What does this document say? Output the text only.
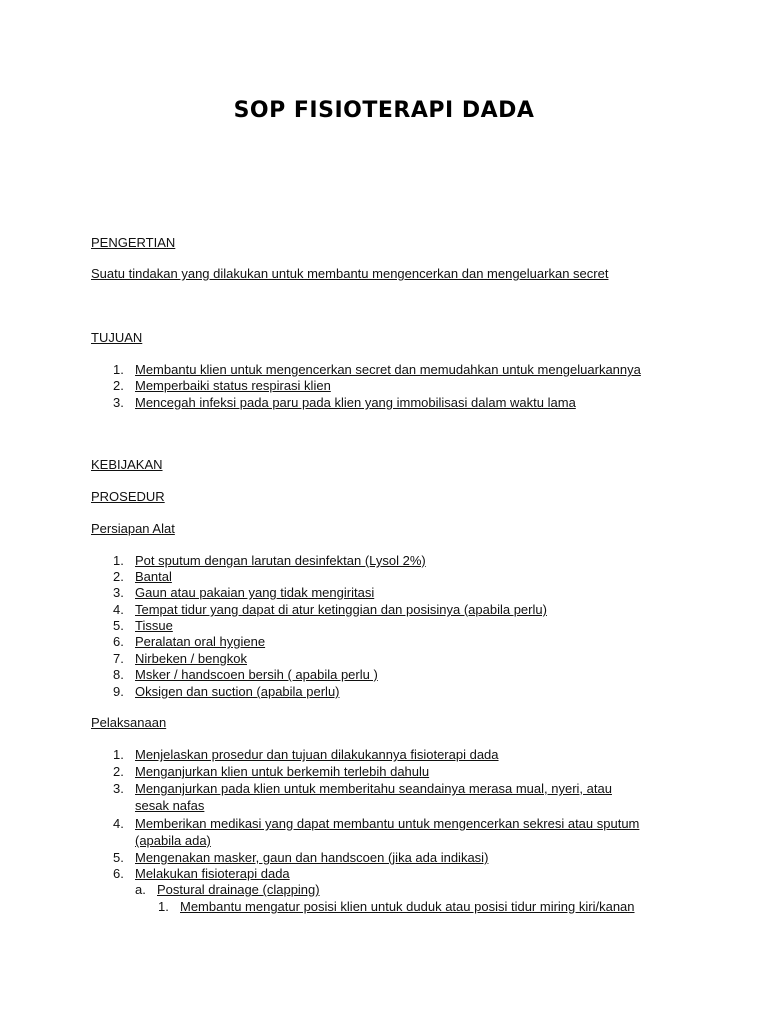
SOP FISIOTERAPI DADA
PENGERTIAN
Suatu tindakan yang dilakukan untuk membantu mengencerkan dan mengeluarkan secret
TUJUAN
1. Membantu klien untuk mengencerkan secret dan memudahkan untuk mengeluarkannya
2. Memperbaiki status respirasi klien
3. Mencegah infeksi pada paru pada klien yang immobilisasi dalam waktu lama
KEBIJAKAN
PROSEDUR
Persiapan Alat
1. Pot sputum dengan larutan desinfektan (Lysol 2%)
2. Bantal
3. Gaun atau pakaian yang tidak mengiritasi
4. Tempat tidur yang dapat di atur ketinggian dan posisinya (apabila perlu)
5. Tissue
6. Peralatan oral hygiene
7. Nirbeken / bengkok
8. Msker / handscoen bersih ( apabila perlu )
9. Oksigen dan suction (apabila perlu)
Pelaksanaan
1. Menjelaskan prosedur dan tujuan dilakukannya fisioterapi dada
2. Menganjurkan klien untuk berkemih terlebih dahulu
3. Menganjurkan pada klien untuk memberitahu seandainya merasa mual, nyeri, atau
sesak nafas
4. Memberikan medikasi yang dapat membantu untuk mengencerkan sekresi atau sputum
(apabila ada)
5. Mengenakan masker, gaun dan handscoen (jika ada indikasi)
6. Melakukan fisioterapi dada
a. Postural drainage (clapping)
1. Membantu mengatur posisi klien untuk duduk atau posisi tidur miring kiri/kanan
